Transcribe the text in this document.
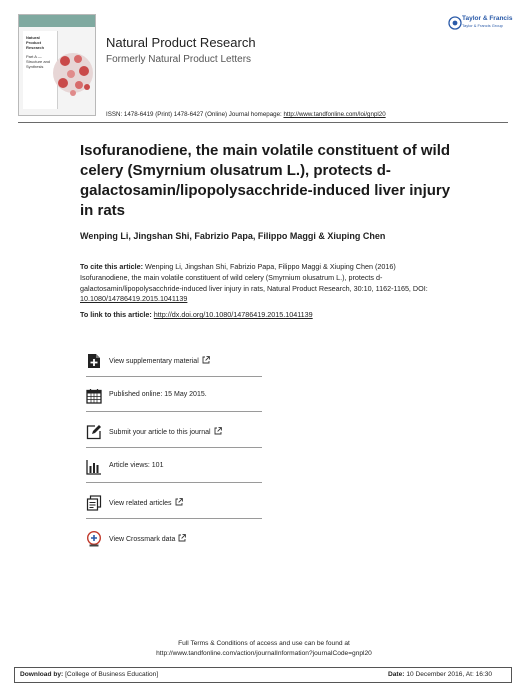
Natural
Product
Research
Part A —
Structure and Synthesis
Natural Product Research
Formerly Natural Product Letters
Taylor & Francis
Taylor & Francis Group
ISSN: 1478-6419 (Print) 1478-6427 (Online) Journal homepage: http://www.tandfonline.com/loi/gnpl20
Isofuranodiene, the main volatile constituent of wild celery (Smyrnium olusatrum L.), protects d-galactosamin/lipopolysacchride-induced liver injury in rats
Wenping Li, Jingshan Shi, Fabrizio Papa, Filippo Maggi & Xiuping Chen
To cite this article: Wenping Li, Jingshan Shi, Fabrizio Papa, Filippo Maggi & Xiuping Chen (2016) Isofuranodiene, the main volatile constituent of wild celery (Smyrnium olusatrum L.), protects d-galactosamin/lipopolysacchride-induced liver injury in rats, Natural Product Research, 30:10, 1162-1165, DOI: 10.1080/14786419.2015.1041139
To link to this article: http://dx.doi.org/10.1080/14786419.2015.1041139
View supplementary material
Published online: 15 May 2015.
Submit your article to this journal
Article views: 101
View related articles
View Crossmark data
Full Terms & Conditions of access and use can be found at
http://www.tandfonline.com/action/journalInformation?journalCode=gnpl20
Download by: [College of Business Education]	Date: 10 December 2016, At: 16:30
